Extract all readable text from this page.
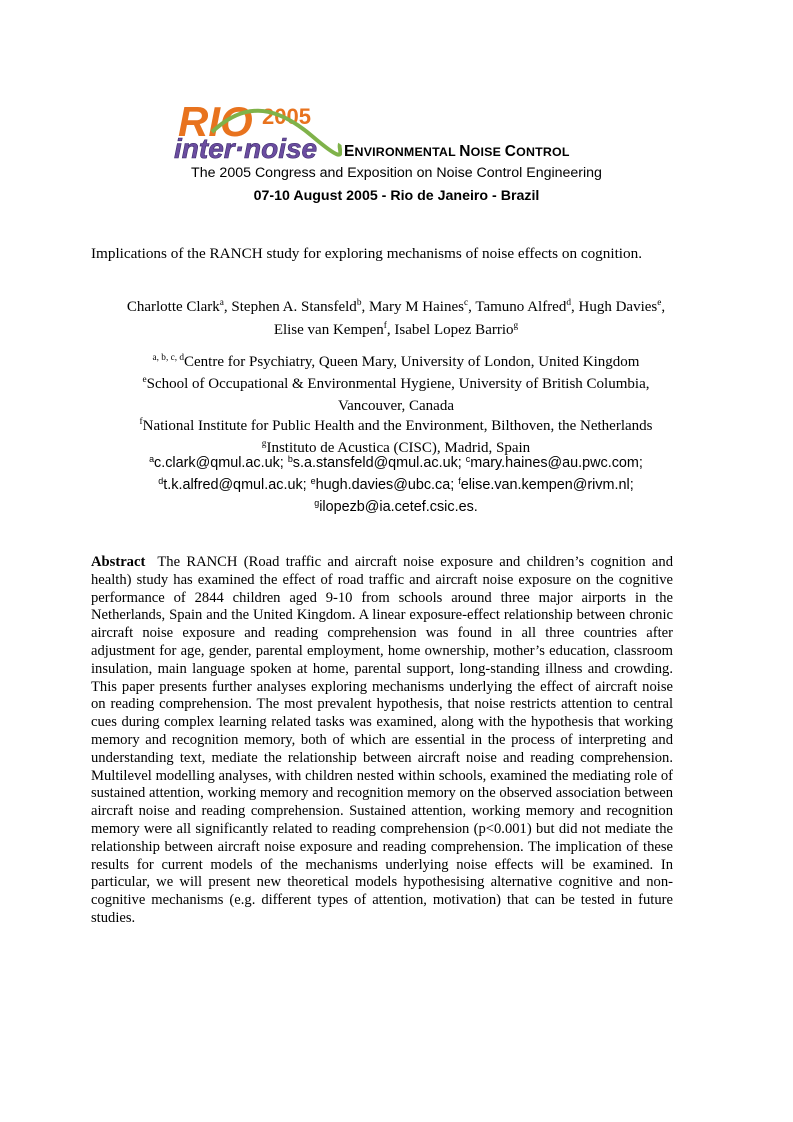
RIO 2005
inter·noise ENVIRONMENTAL NOISE CONTROL
The 2005 Congress and Exposition on Noise Control Engineering
07-10 August 2005 - Rio de Janeiro - Brazil
Implications of the RANCH study for exploring mechanisms of noise effects on cognition.
Charlotte Clark$^a$, Stephen A. Stansfeld$^b$, Mary M Haines$^c$, Tamuno Alfred$^d$, Hugh Davies$^e$,
Elise van Kempen$^f$, Isabel Lopez Barrio$^g$
$^{a, b, c, d}$Centre for Psychiatry, Queen Mary, University of London, United Kingdom
$^e$School of Occupational & Environmental Hygiene, University of British Columbia,
Vancouver, Canada
$^f$National Institute for Public Health and the Environment, Bilthoven, the Netherlands
$^g$Instituto de Acustica (CISC), Madrid, Spain
$^a$c.clark@qmul.ac.uk; $^b$s.a.stansfeld@qmul.ac.uk; $^c$mary.haines@au.pwc.com;
$^d$t.k.alfred@qmul.ac.uk; $^e$hugh.davies@ubc.ca; $^f$elise.van.kempen@rivm.nl;
$^g$ilopezb@ia.cetef.csic.es.
Abstract The RANCH (Road traffic and aircraft noise exposure and children’s cognition and health) study has examined the effect of road traffic and aircraft noise exposure on the cognitive performance of 2844 children aged 9-10 from schools around three major airports in the Netherlands, Spain and the United Kingdom. A linear exposure-effect relationship between chronic aircraft noise exposure and reading comprehension was found in all three countries after adjustment for age, gender, parental employment, home ownership, mother’s education, classroom insulation, main language spoken at home, parental support, long-standing illness and crowding. This paper presents further analyses exploring mechanisms underlying the effect of aircraft noise on reading comprehension. The most prevalent hypothesis, that noise restricts attention to central cues during complex learning related tasks was examined, along with the hypothesis that working memory and recognition memory, both of which are essential in the process of interpreting and understanding text, mediate the relationship between aircraft noise and reading comprehension. Multilevel modelling analyses, with children nested within schools, examined the mediating role of sustained attention, working memory and recognition memory on the observed association between aircraft noise and reading comprehension. Sustained attention, working memory and recognition memory were all significantly related to reading comprehension (p<0.001) but did not mediate the relationship between aircraft noise exposure and reading comprehension. The implication of these results for current models of the mechanisms underlying noise effects will be examined. In particular, we will present new theoretical models hypothesising alternative cognitive and non-cognitive mechanisms (e.g. different types of attention, motivation) that can be tested in future studies.
